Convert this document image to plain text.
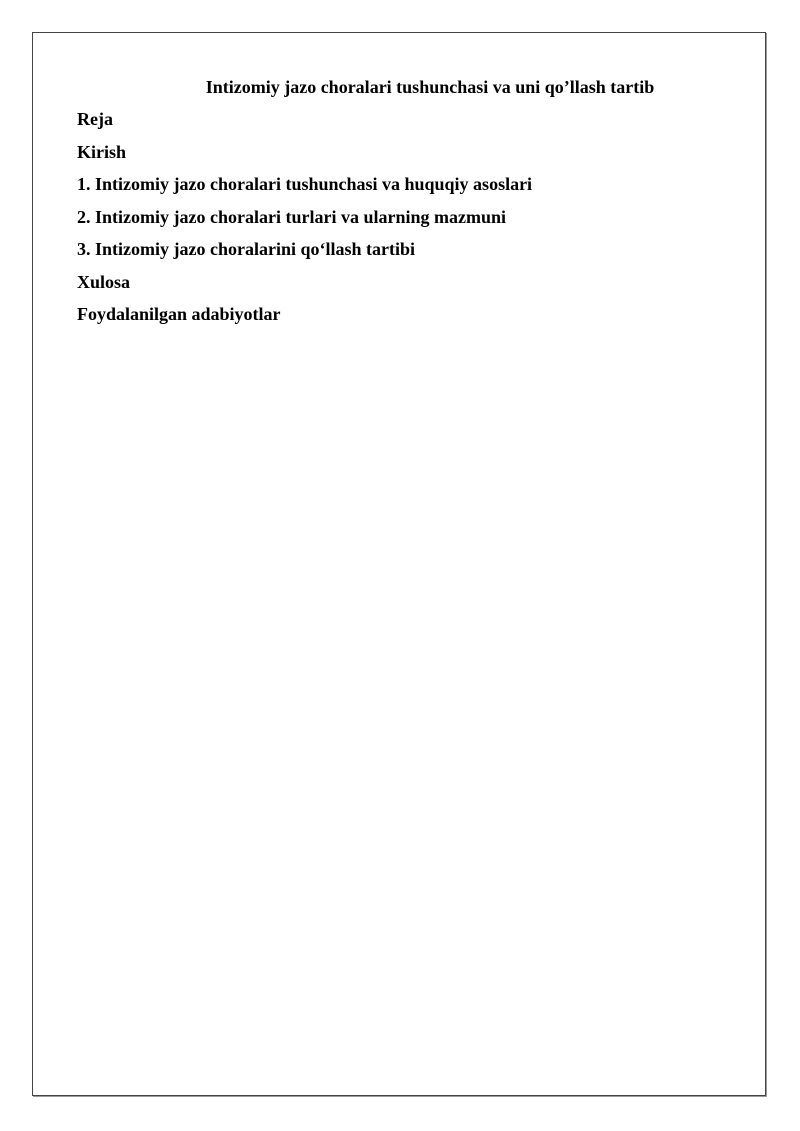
Intizomiy jazo choralari tushunchasi va uni qo’llash tartib
Reja
Kirish
1. Intizomiy jazo choralari tushunchasi va huquqiy asoslari
2. Intizomiy jazo choralari turlari va ularning mazmuni
3. Intizomiy jazo choralarini qo‘llash tartibi
Xulosa
Foydalanilgan adabiyotlar
